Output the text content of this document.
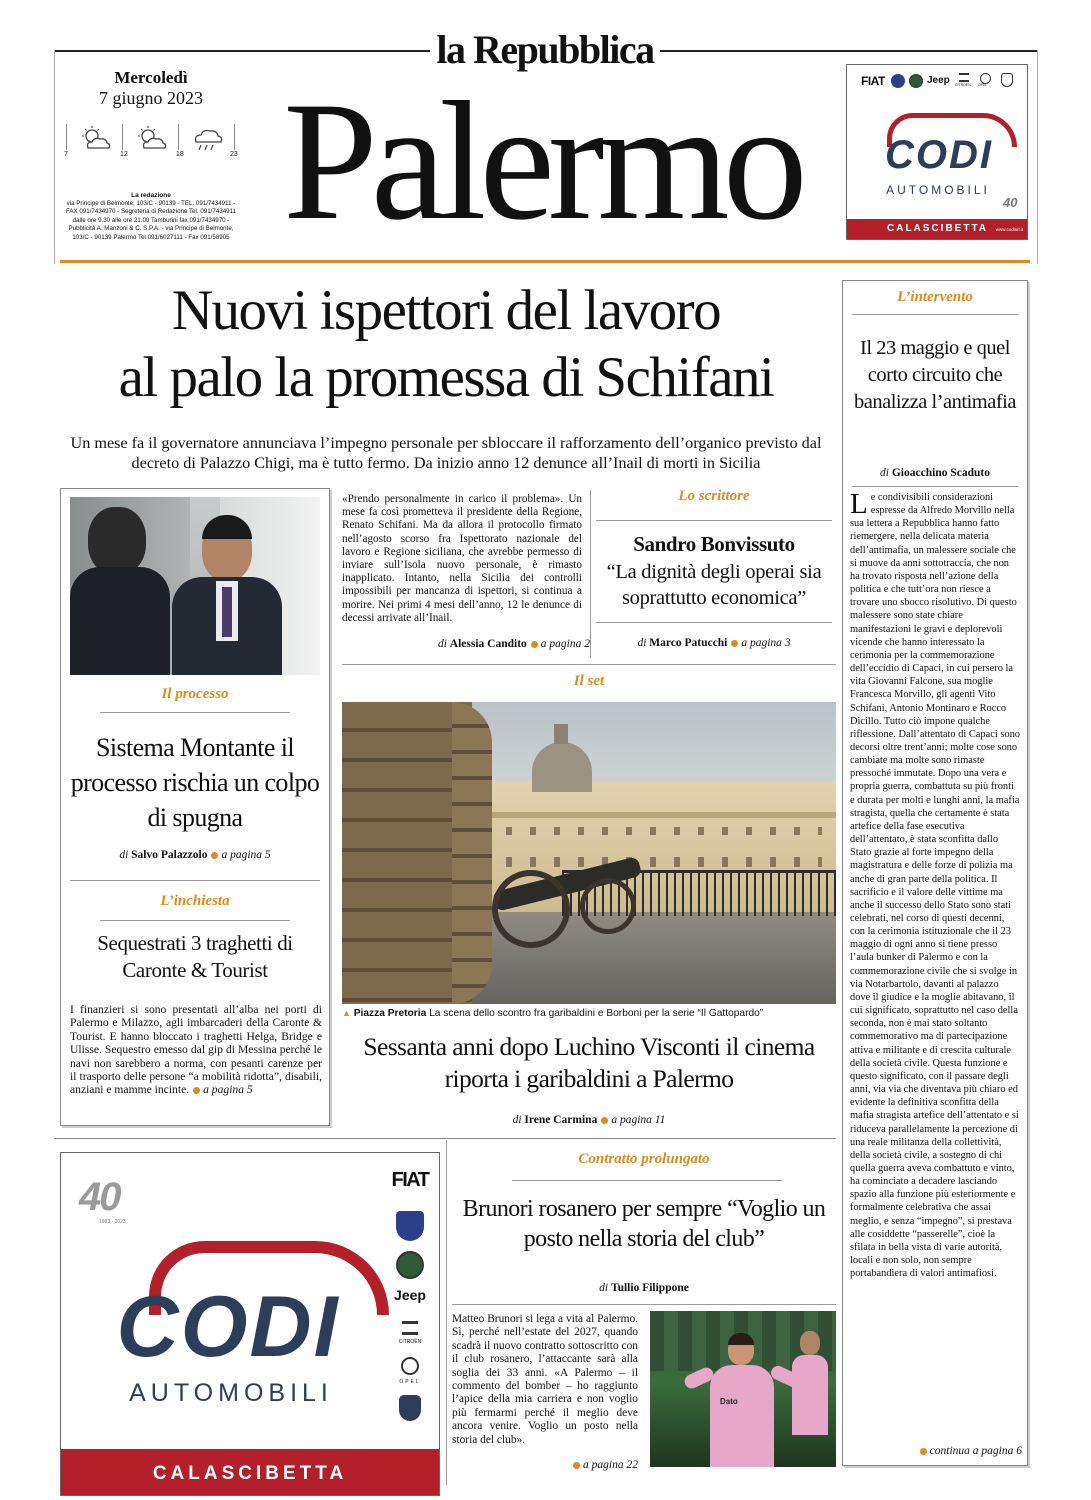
la Repubblica
Palermo
Mercoledì
7 giugno 2023
7	12	18	23
La redazione
via Principe di Belmonte, 103/C - 90139 - TEL. 091/7434911 - FAX 091/7434970 - Segreteria di Redazione Tel. 091/7434911 dalle ore 9.30 alle ore 21.00 Tamburini fax 091/7434970 - Pubblicità A. Manzoni & C. S.P.A. - via Principe di Belmonte, 103/C - 90139 Palermo Tel 091/6027111 - Fax 091/58905
FIAT	Jeep CITROËN OPEL
CODI
AUTOMOBILI
40
CALASCIBETTA www.codisrl.it
Nuovi ispettori del lavoro
al palo la promessa di Schifani
Un mese fa il governatore annunciava l’impegno personale per sbloccare il rafforzamento dell’organico previsto dal decreto di Palazzo Chigi, ma è tutto fermo. Da inizio anno 12 denunce all’Inail di morti in Sicilia
Il processo
Sistema Montante il processo rischia un colpo di spugna
di Salvo Palazzolo a pagina 5
L’inchiesta
Sequestrati 3 traghetti di Caronte & Tourist
I finanzieri si sono presentati all’alba nei porti di Palermo e Milazzo, agli imbarcaderi della Caronte & Tourist. E hanno bloccato i traghetti Helga, Bridge e Ulisse. Sequestro emesso dal gip di Messina perché le navi non sarebbero a norma, con pesanti carenze per il trasporto delle persone “a mobilità ridotta”, disabili, anziani e mamme incinte. a pagina 5
«Prendo personalmente in carico il problema». Un mese fa così prometteva il presidente della Regione, Renato Schifani. Ma da allora il protocollo firmato nell’agosto scorso fra Ispettorato nazionale del lavoro e Regione siciliana, che avrebbe permesso di inviare sull’Isola nuovo personale, è rimasto inapplicato. Intanto, nella Sicilia dei controlli impossibili per mancanza di ispettori, si continua a morire. Nei primi 4 mesi dell’anno, 12 le denunce di decessi arrivate all’Inail.
di Alessia Candito a pagina 2
Lo scrittore
Sandro Bonvissuto
“La dignità degli operai sia soprattutto economica”
di Marco Patucchi a pagina 3
Il set
▲ Piazza Pretoria La scena dello scontro fra garibaldini e Borboni per la serie “Il Gattopardo”
Sessanta anni dopo Luchino Visconti il cinema riporta i garibaldini a Palermo
di Irene Carmina a pagina 11
40
1983 · 2023
CODI
AUTOMOBILI
FIAT
Jeep
CITROËN
OPEL
CALASCIBETTA
Contratto prolungato
Brunori rosanero per sempre “Voglio un posto nella storia del club”
di Tullio Filippone
Matteo Brunori si lega a vita al Palermo. Sì, perché nell’estate del 2027, quando scadrà il nuovo contratto sottoscritto con il club rosanero, l’attaccante sarà alla soglia dei 33 anni. «A Palermo – il commento del bomber – ho raggiunto l’apice della mia carriera e non voglio più fermarmi perché il meglio deve ancora venire. Voglio un posto nella storia del club».
a pagina 22
Dato
L’intervento
Il 23 maggio e quel corto circuito che banalizza l’antimafia
di Gioacchino Scaduto
Le condivisibili considerazioni espresse da Alfredo Morvillo nella sua lettera a Repubblica hanno fatto riemergere, nella delicata materia dell’antimafia, un malessere sociale che si muove da anni sottotraccia, che non ha trovato risposta nell’azione della politica e che tutt’ora non riesce a trovare uno sbocco risolutivo. Di questo malessere sono state chiare manifestazioni le gravi e deplorevoli vicende che hanno interessato la cerimonia per la commemorazione dell’eccidio di Capaci, in cui persero la vita Giovanni Falcone, sua moglie Francesca Morvillo, gli agenti Vito Schifani, Antonio Montinaro e Rocco Dicillo. Tutto ciò impone qualche riflessione. Dall’attentato di Capaci sono decorsi oltre trent’anni; molte cose sono cambiate ma molte sono rimaste pressoché immutate. Dopo una vera e propria guerra, combattuta su più fronti e durata per molti e lunghi anni, la mafia stragista, quella che certamente è stata artefice della fase esecutiva dell’attentato, è stata sconfitta dallo Stato grazie al forte impegno della magistratura e delle forze di polizia ma anche di gran parte della politica. Il sacrificio e il valore delle vittime ma anche il successo dello Stato sono stati celebrati, nel corso di questi decenni, con la cerimonia istituzionale che il 23 maggio di ogni anno si tiene presso l’aula bunker di Palermo e con la commemorazione civile che si svolge in via Notarbartolo, davanti al palazzo dove il giudice e la moglie abitavano, il cui significato, soprattutto nel caso della seconda, non è mai stato soltanto commemorativo ma di partecipazione attiva e militante e di crescita culturale della società civile. Questa funzione e questo significato, con il passare degli anni, via via che diventava più chiaro ed evidente la definitiva sconfitta della mafia stragista artefice dell’attentato e si riduceva parallelamente la percezione di una reale militanza della collettività, della società civile, a sostegno di chi quella guerra aveva combattuto e vinto, ha cominciato a decadere lasciando spazio alla funzione più esteriormente e formalmente celebrativa che assai meglio, e senza “impegno”, si prestava alle cosiddette “passerelle”, cioè la sfilata in bella vista di varie autorità, locali e non solo, non sempre portabandiera di valori antimafiosi.
continua a pagina 6
